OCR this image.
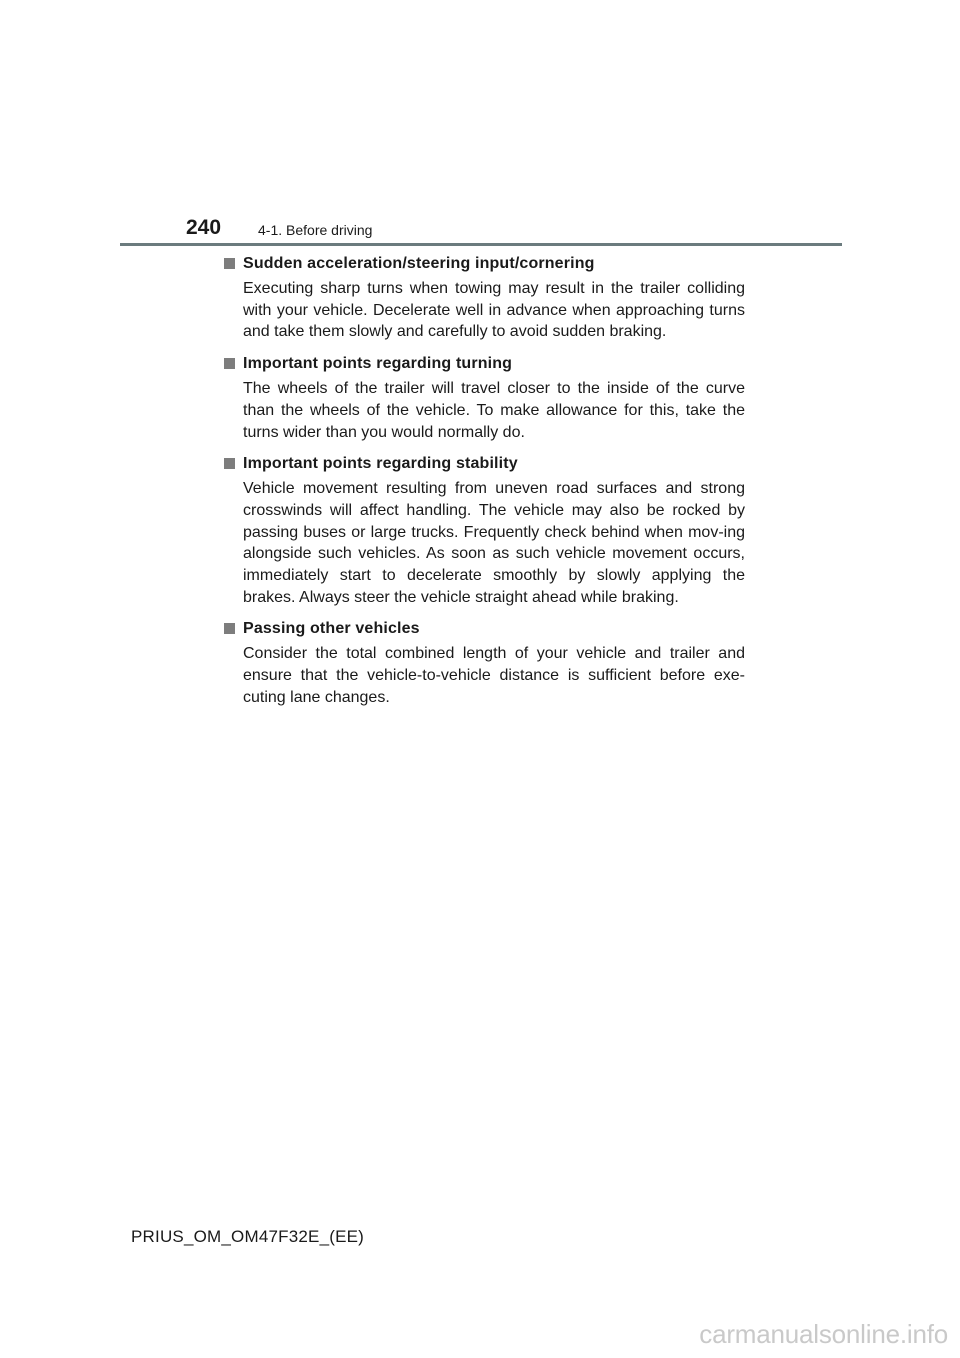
240	4-1. Before driving
Sudden acceleration/steering input/cornering

Executing sharp turns when towing may result in the trailer colliding with your vehicle. Decelerate well in advance when approaching turns and take them slowly and carefully to avoid sudden braking.

Important points regarding turning

The wheels of the trailer will travel closer to the inside of the curve than the wheels of the vehicle. To make allowance for this, take the turns wider than you would normally do.

Important points regarding stability

Vehicle movement resulting from uneven road surfaces and strong crosswinds will affect handling. The vehicle may also be rocked by passing buses or large trucks. Frequently check behind when mov-ing alongside such vehicles. As soon as such vehicle movement occurs, immediately start to decelerate smoothly by slowly applying the brakes. Always steer the vehicle straight ahead while braking.

Passing other vehicles

Consider the total combined length of your vehicle and trailer and ensure that the vehicle-to-vehicle distance is sufficient before exe-cuting lane changes.

PRIUS_OM_OM47F32E_(EE)
carmanualsonline.info
